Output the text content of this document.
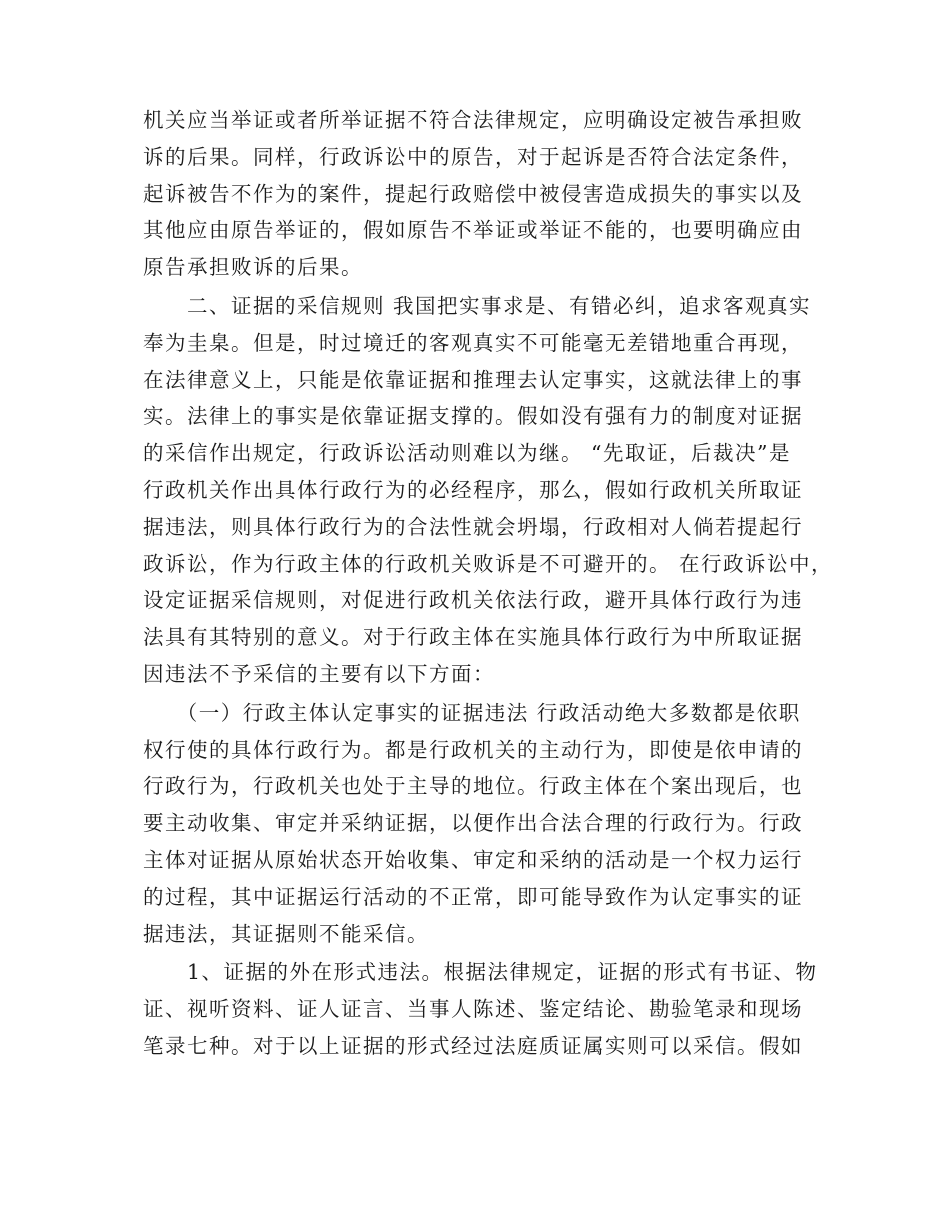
机关应当举证或者所举证据不符合法律规定，应明确设定被告承担败
诉的后果。同样，行政诉讼中的原告，对于起诉是否符合法定条件，
起诉被告不作为的案件，提起行政赔偿中被侵害造成损失的事实以及
其他应由原告举证的，假如原告不举证或举证不能的，也要明确应由
原告承担败诉的后果。
　　二、证据的采信规则 我国把实事求是、有错必纠，追求客观真实
奉为圭臬。但是，时过境迁的客观真实不可能毫无差错地重合再现，
在法律意义上，只能是依靠证据和推理去认定事实，这就法律上的事
实。法律上的事实是依靠证据支撑的。假如没有强有力的制度对证据
的采信作出规定，行政诉讼活动则难以为继。 “先取证，后裁决”是
行政机关作出具体行政行为的必经程序，那么，假如行政机关所取证
据违法，则具体行政行为的合法性就会坍塌，行政相对人倘若提起行
政诉讼，作为行政主体的行政机关败诉是不可避开的。 在行政诉讼中，
设定证据采信规则，对促进行政机关依法行政，避开具体行政行为违
法具有其特别的意义。对于行政主体在实施具体行政行为中所取证据
因违法不予采信的主要有以下方面：
　　（一）行政主体认定事实的证据违法 行政活动绝大多数都是依职
权行使的具体行政行为。都是行政机关的主动行为，即使是依申请的
行政行为，行政机关也处于主导的地位。行政主体在个案出现后，也
要主动收集、审定并采纳证据，以便作出合法合理的行政行为。行政
主体对证据从原始状态开始收集、审定和采纳的活动是一个权力运行
的过程，其中证据运行活动的不正常，即可能导致作为认定事实的证
据违法，其证据则不能采信。
　　1、证据的外在形式违法。根据法律规定，证据的形式有书证、物
证、视听资料、证人证言、当事人陈述、鉴定结论、勘验笔录和现场
笔录七种。对于以上证据的形式经过法庭质证属实则可以采信。假如
